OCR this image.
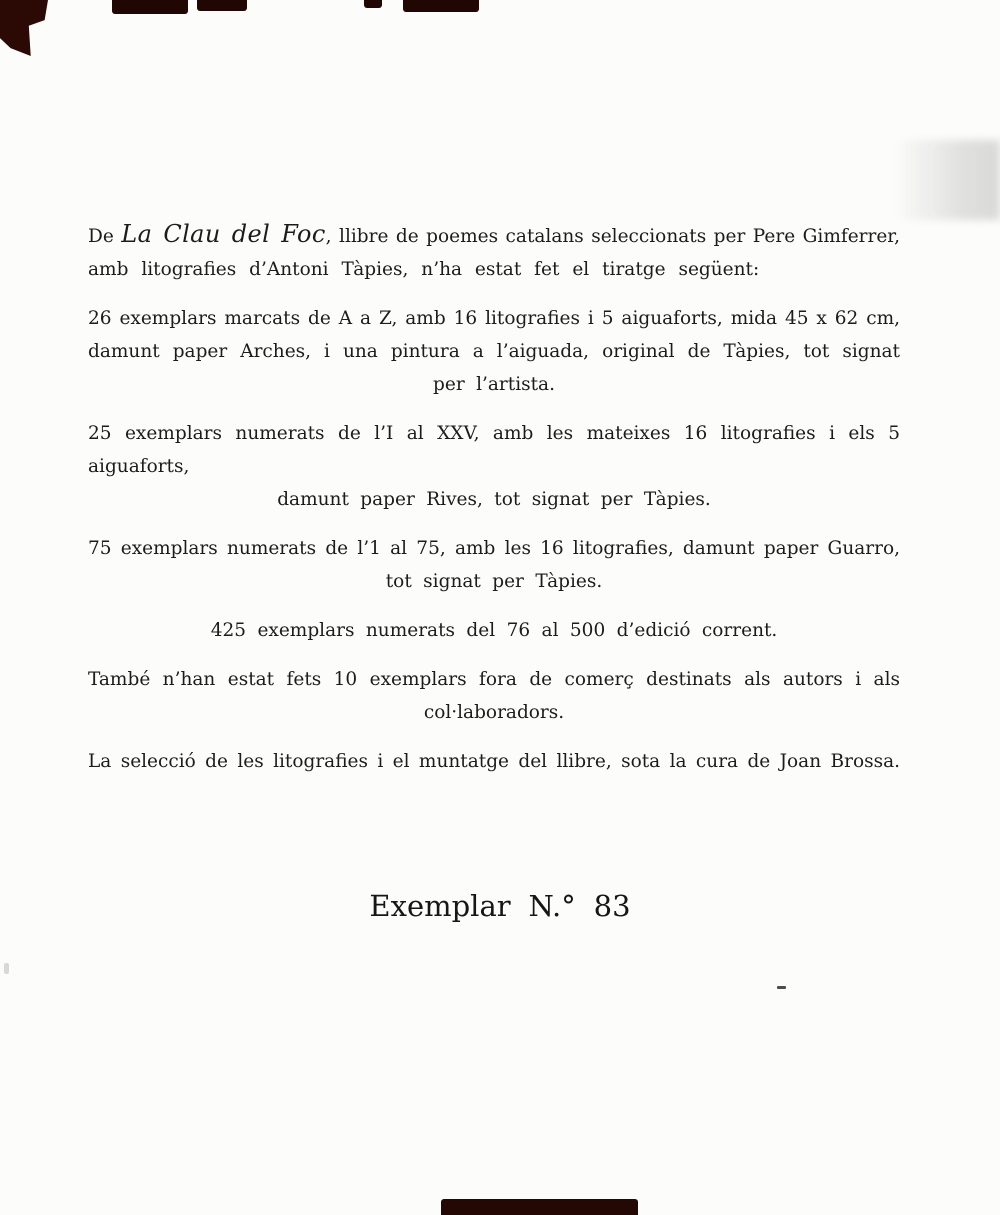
De La Clau del Foc, llibre de poemes catalans seleccionats per Pere Gimferrer,
amb litografies d’Antoni Tàpies, n’ha estat fet el tiratge següent:
26 exemplars marcats de A a Z, amb 16 litografies i 5 aiguaforts, mida 45 x 62 cm,
damunt paper Arches, i una pintura a l’aiguada, original de Tàpies, tot signat
per l’artista.
25 exemplars numerats de l’I al XXV, amb les mateixes 16 litografies i els 5 aiguaforts,
damunt paper Rives, tot signat per Tàpies.
75 exemplars numerats de l’1 al 75, amb les 16 litografies, damunt paper Guarro,
tot signat per Tàpies.
425 exemplars numerats del 76 al 500 d’edició corrent.
També n’han estat fets 10 exemplars fora de comerç destinats als autors i als
col·laboradors.
La selecció de les litografies i el muntatge del llibre, sota la cura de Joan Brossa.
Exemplar N.° 83
